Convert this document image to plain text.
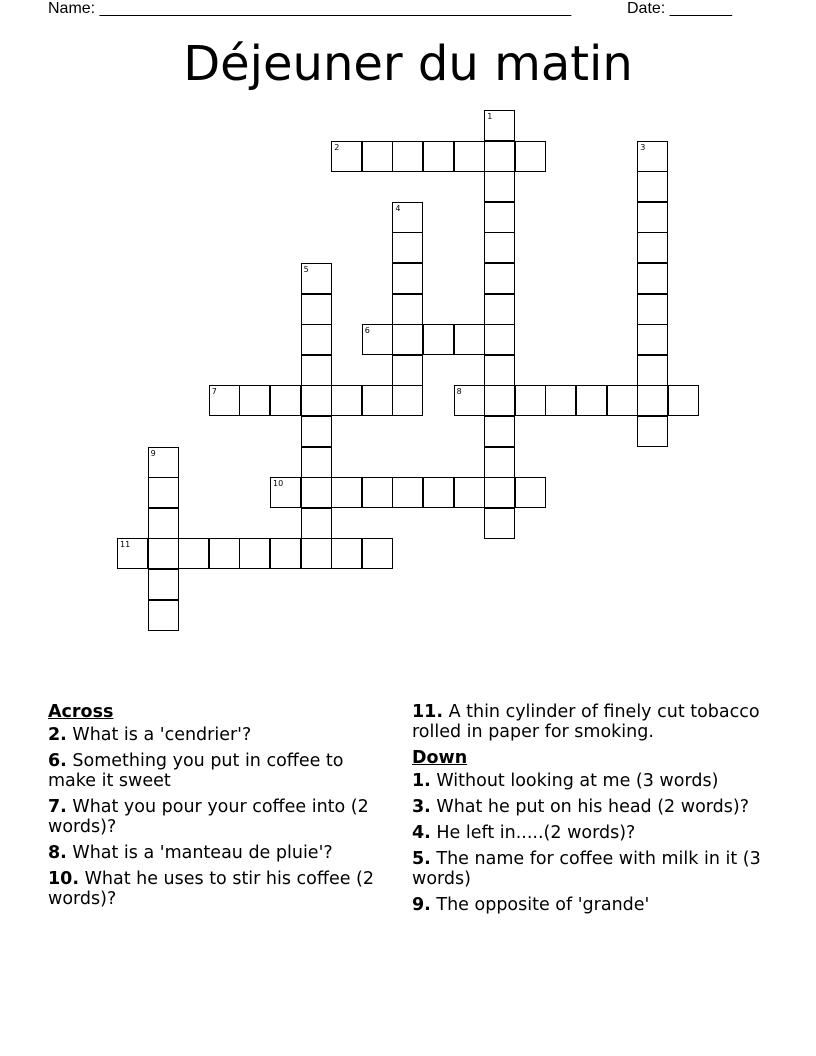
Name: _____________________________________________________	Date: _______
Déjeuner du matin
1
2	3
4
5
6
7	8
9
10
11
Across
2. What is a 'cendrier'?
6. Something you put in coffee to make it sweet
7. What you pour your coffee into (2 words)?
8. What is a 'manteau de pluie'?
10. What he uses to stir his coffee (2 words)?
11. A thin cylinder of finely cut tobacco rolled in paper for smoking.
Down
1. Without looking at me (3 words)
3. What he put on his head (2 words)?
4. He left in.....(2 words)?
5. The name for coffee with milk in it (3 words)
9. The opposite of 'grande'
